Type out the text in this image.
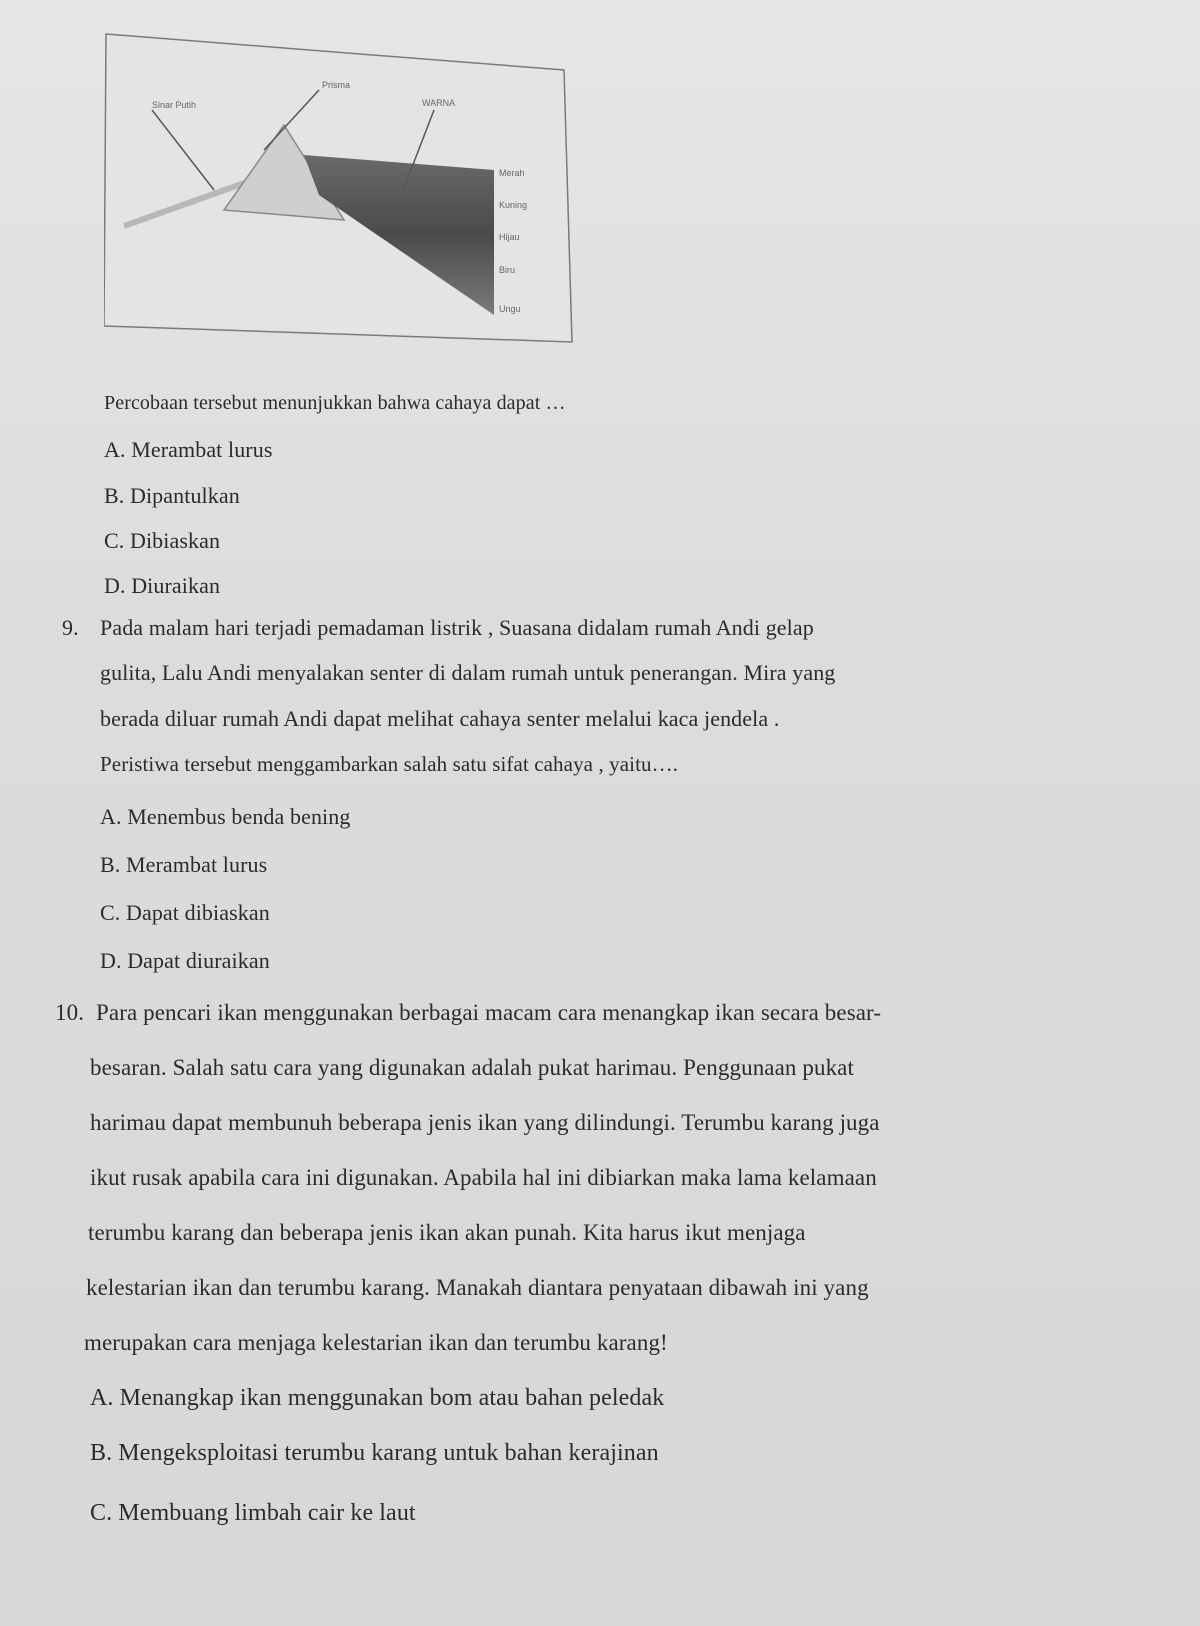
Sinar Putih
Prisma
WARNA
Merah
Kuning
Hijau
Biru
Ungu
Percobaan tersebut menunjukkan bahwa cahaya dapat …
A. Merambat lurus
B. Dipantulkan
C. Dibiaskan
D. Diuraikan
9. Pada malam hari terjadi pemadaman listrik , Suasana didalam rumah Andi gelap
gulita, Lalu Andi menyalakan senter di dalam rumah untuk penerangan. Mira yang
berada diluar rumah Andi dapat melihat cahaya senter melalui kaca jendela .
Peristiwa tersebut menggambarkan salah satu sifat cahaya , yaitu….
A. Menembus benda bening
B. Merambat lurus
C. Dapat dibiaskan
D. Dapat diuraikan
10. Para pencari ikan menggunakan berbagai macam cara menangkap ikan secara besar-
besaran. Salah satu cara yang digunakan adalah pukat harimau. Penggunaan pukat
harimau dapat membunuh beberapa jenis ikan yang dilindungi. Terumbu karang juga
ikut rusak apabila cara ini digunakan. Apabila hal ini dibiarkan maka lama kelamaan
terumbu karang dan beberapa jenis ikan akan punah. Kita harus ikut menjaga
kelestarian ikan dan terumbu karang. Manakah diantara penyataan dibawah ini yang
merupakan cara menjaga kelestarian ikan dan terumbu karang!
A. Menangkap ikan menggunakan bom atau bahan peledak
B. Mengeksploitasi terumbu karang untuk bahan kerajinan
C. Membuang limbah cair ke laut
